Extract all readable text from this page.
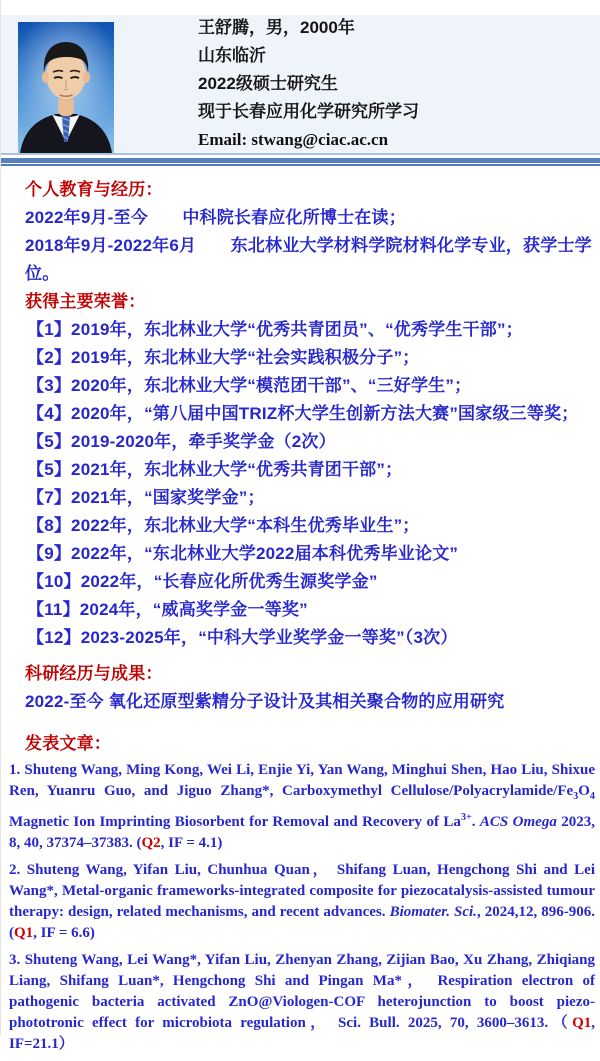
王舒腾，男，2000年

山东临沂

2022级硕士研究生

现于长春应用化学研究所学习

Email: stwang@ciac.ac.cn

个人教育与经历：

2022年9月-至今　　中科院长春应化所博士在读；

2018年9月-2022年6月　　东北林业大学材料学院材料化学专业，获学士学位。

获得主要荣誉：

【1】2019年，东北林业大学“优秀共青团员”、“优秀学生干部”；

【2】2019年，东北林业大学“社会实践积极分子”；

【3】2020年，东北林业大学“模范团干部”、“三好学生”；

【4】2020年，“第八届中国TRIZ杯大学生创新方法大赛”国家级三等奖；

【5】2019-2020年，牵手奖学金（2次）

【5】2021年，东北林业大学“优秀共青团干部”；

【7】2021年，“国家奖学金”；

【8】2022年，东北林业大学“本科生优秀毕业生”；

【9】2022年，“东北林业大学2022届本科优秀毕业论文”

【10】2022年，“长春应化所优秀生源奖学金”

【11】2024年，“威高奖学金一等奖”

【12】2023-2025年，“中科大学业奖学金一等奖”（3次）

科研经历与成果：

2022-至今 氧化还原型紫精分子设计及其相关聚合物的应用研究

发表文章：

1. Shuteng Wang, Ming Kong, Wei Li, Enjie Yi, Yan Wang, Minghui Shen, Hao Liu, Shixue Ren, Yuanru Guo, and Jiguo Zhang*, Carboxymethyl Cellulose/$Polyacrylamide/Fe_3O_4$ Magnetic Ion Imprinting Biosorbent for Removal and Recovery of $La^{3+}$. ACS Omega 2023, 8, 40, 37374–37383. (Q2, IF = 4.1)

2. Shuteng Wang, Yifan Liu, Chunhua Quan， Shifang Luan, Hengchong Shi and Lei Wang*, Metal-organic frameworks-integrated composite for piezocatalysis-assisted tumour therapy: design, related mechanisms, and recent advances. Biomater. Sci., 2024,12, 896-906. (Q1, IF = 6.6)

3. Shuteng Wang, Lei Wang*, Yifan Liu, Zhenyan Zhang, Zijian Bao, Xu Zhang, Zhiqiang Liang, Shifang Luan*, Hengchong Shi and Pingan Ma*， Respiration electron of pathogenic bacteria activated ZnO@Viologen-COF heterojunction to boost piezo-phototronic effect for microbiota regulation， Sci. Bull. 2025, 70, 3600–3613.（Q1, IF=21.1）
